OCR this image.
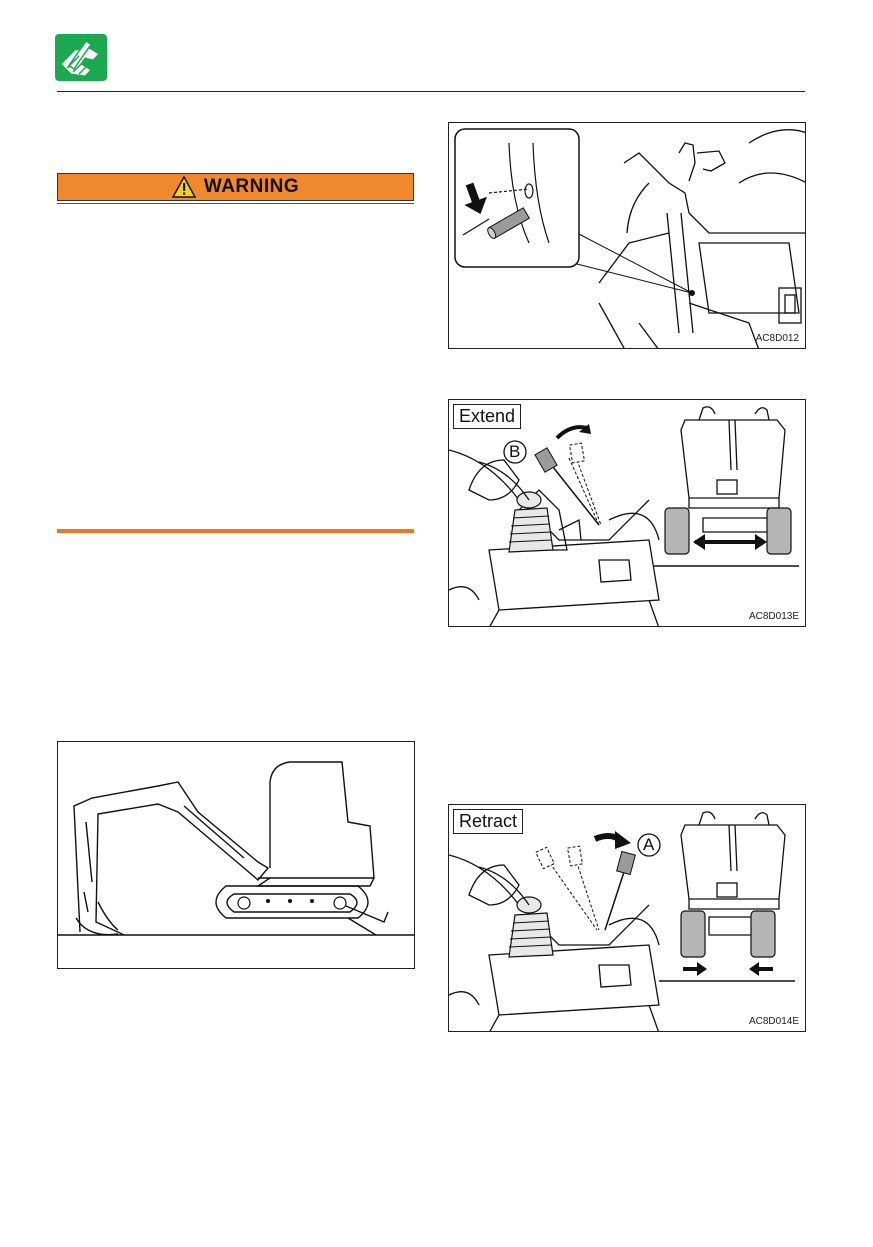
WARNING
AC8D012
Extend
B
AC8D013E
Retract
A
AC8D014E
